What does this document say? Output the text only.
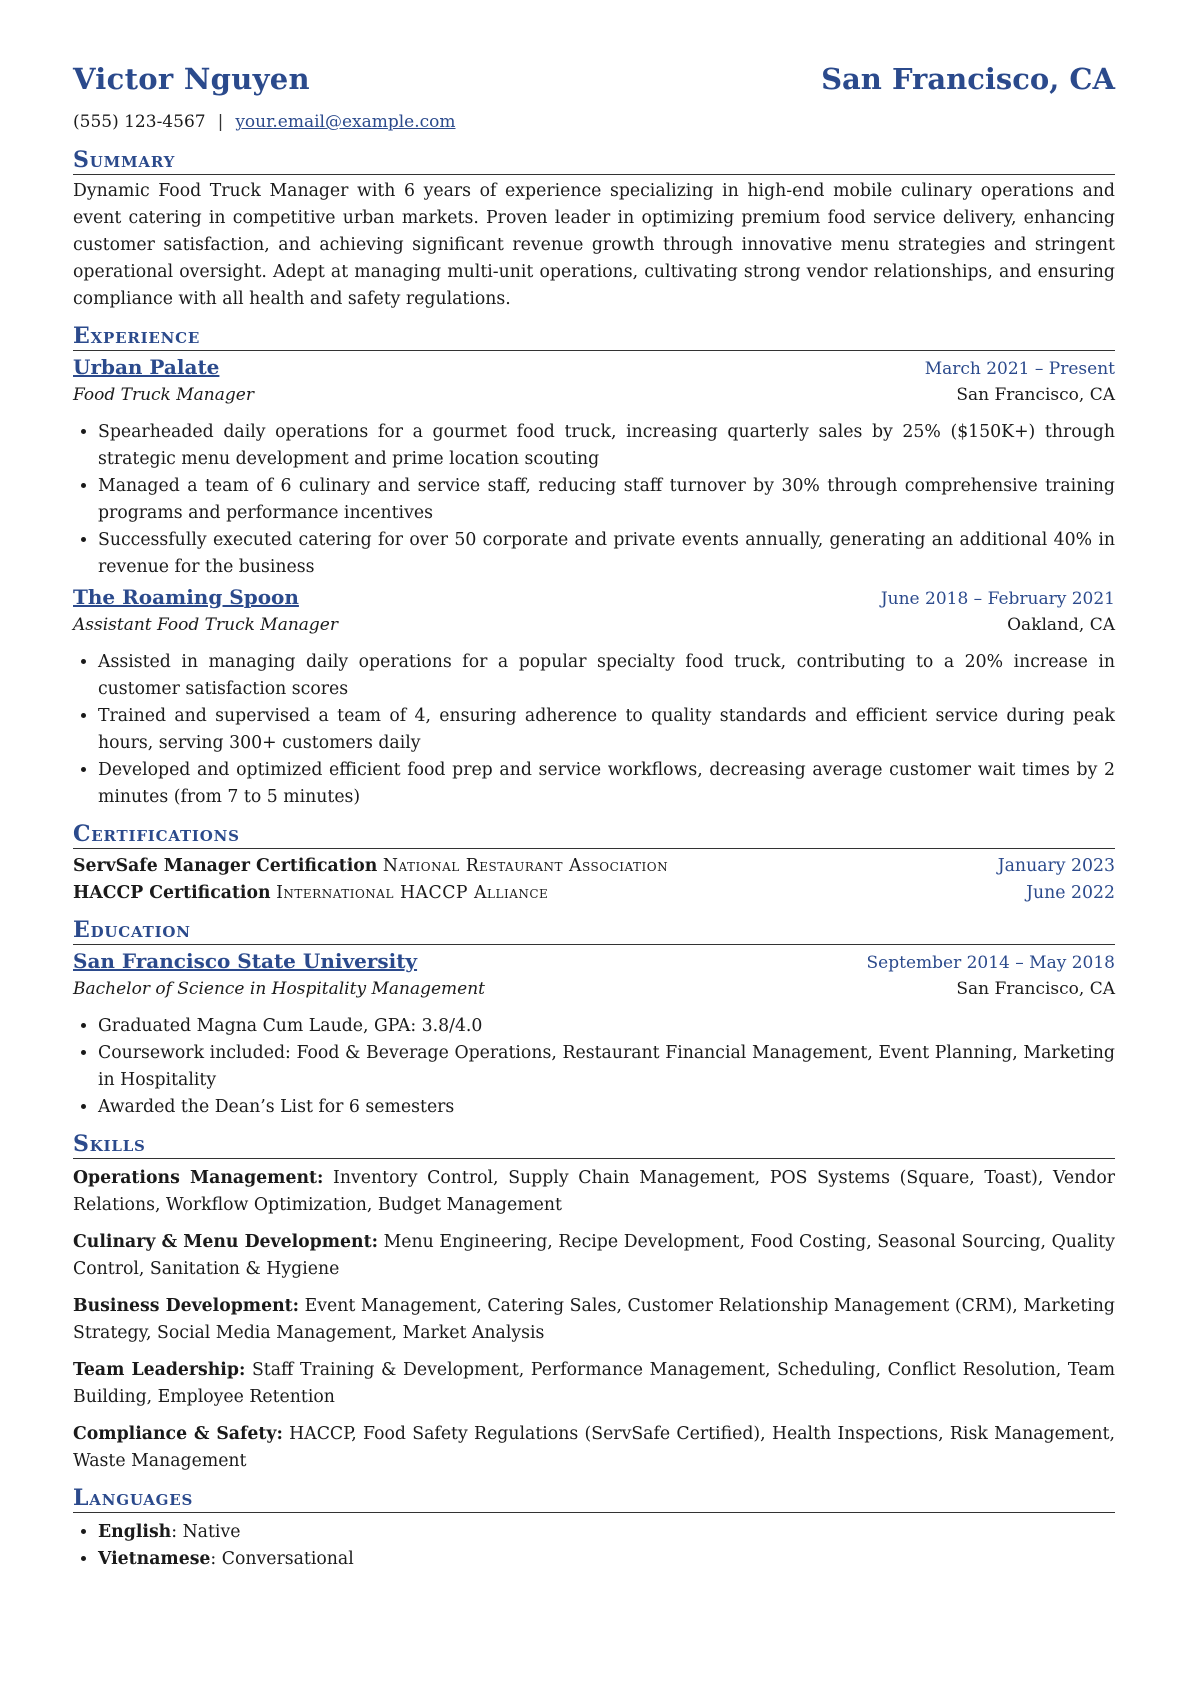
Victor Nguyen	San Francisco, CA
(555) 123-4567 | your.email@example.com
Summary
Dynamic Food Truck Manager with 6 years of experience specializing in high-end mobile culinary operations and event catering in competitive urban markets. Proven leader in optimizing premium food service delivery, enhancing customer satisfaction, and achieving significant revenue growth through innovative menu strategies and stringent operational oversight. Adept at managing multi-unit operations, cultivating strong vendor relationships, and ensuring compliance with all health and safety regulations.
Experience
Urban Palate	March 2021 – Present
Food Truck Manager	San Francisco, CA
• Spearheaded daily operations for a gourmet food truck, increasing quarterly sales by 25% ($150K+) through strategic menu development and prime location scouting
• Managed a team of 6 culinary and service staff, reducing staff turnover by 30% through comprehensive training programs and performance incentives
• Successfully executed catering for over 50 corporate and private events annually, generating an additional 40% in revenue for the business
The Roaming Spoon	June 2018 – February 2021
Assistant Food Truck Manager	Oakland, CA
• Assisted in managing daily operations for a popular specialty food truck, contributing to a 20% increase in customer satisfaction scores
• Trained and supervised a team of 4, ensuring adherence to quality standards and efficient service during peak hours, serving 300+ customers daily
• Developed and optimized efficient food prep and service workflows, decreasing average customer wait times by 2 minutes (from 7 to 5 minutes)
Certifications
ServSafe Manager Certification National Restaurant Association	January 2023
HACCP Certification International HACCP Alliance	June 2022
Education
San Francisco State University	September 2014 – May 2018
Bachelor of Science in Hospitality Management	San Francisco, CA
• Graduated Magna Cum Laude, GPA: 3.8/4.0
• Coursework included: Food & Beverage Operations, Restaurant Financial Management, Event Planning, Marketing in Hospitality
• Awarded the Dean’s List for 6 semesters
Skills
Operations Management: Inventory Control, Supply Chain Management, POS Systems (Square, Toast), Vendor Relations, Workflow Optimization, Budget Management
Culinary & Menu Development: Menu Engineering, Recipe Development, Food Costing, Seasonal Sourcing, Quality Control, Sanitation & Hygiene
Business Development: Event Management, Catering Sales, Customer Relationship Management (CRM), Marketing Strategy, Social Media Management, Market Analysis
Team Leadership: Staff Training & Development, Performance Management, Scheduling, Conflict Resolution, Team Building, Employee Retention
Compliance & Safety: HACCP, Food Safety Regulations (ServSafe Certified), Health Inspections, Risk Management, Waste Management
Languages
• English: Native
• Vietnamese: Conversational
